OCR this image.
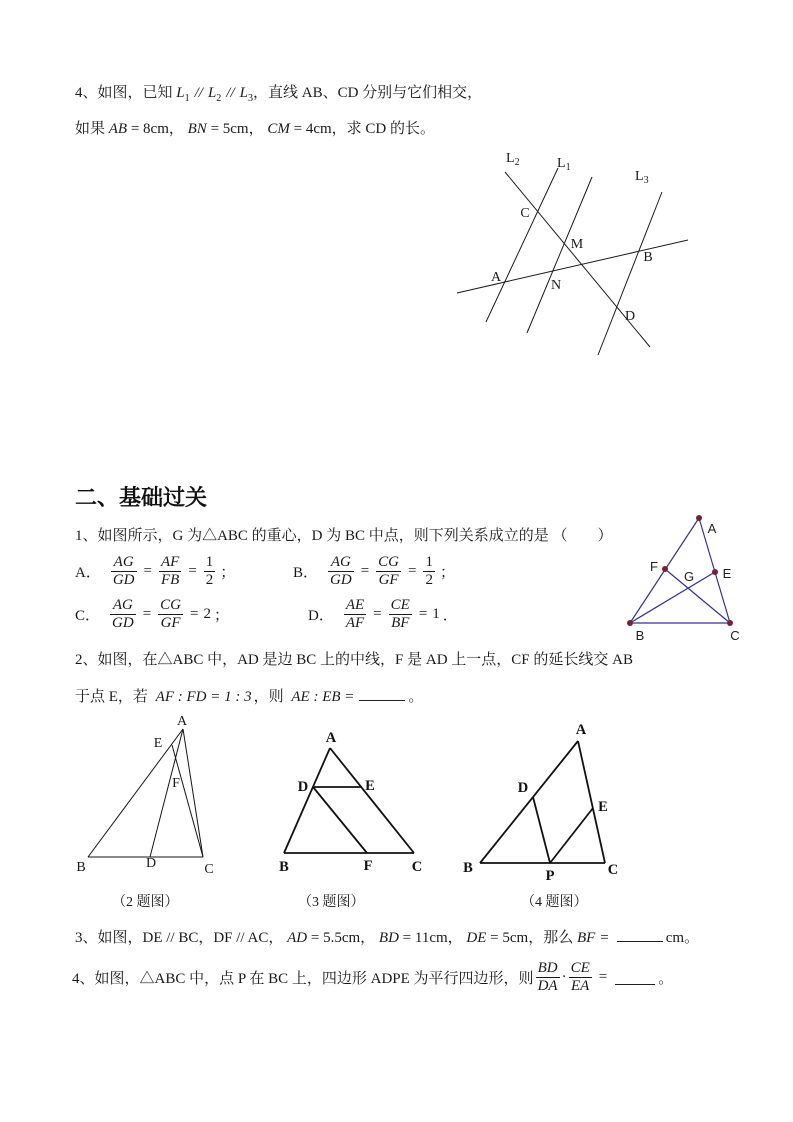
4、如图，已知 $L_1 // L_2 // L_3$，直线 AB、CD 分别与它们相交，
如果 AB = 8cm， BN = 5cm， CM = 4cm，求 CD 的长。
$L_2$	$L_1$
$L_3$
C
M
A
N
B
D
二、基础过关
1、如图所示，G 为△ABC 的重心，D 为 BC 中点，则下列关系成立的是 （　　）
A． $\frac{AG}{GD} = \frac{AF}{FB} = \frac{1}{2}$ ；	B． $\frac{AG}{GD} = \frac{CG}{GF} = \frac{1}{2}$ ；
C． $\frac{AG}{GD} = \frac{CG}{GF} = 2$ ；	D． $\frac{AE}{AF} = \frac{CE}{BF} = 1$ ．
A
F
G E
B	C
2、如图，在△ABC 中，AD 是边 BC 上的中线，F 是 AD 上一点，CF 的延长线交 AB
于点 E，若 AF : FD = 1 : 3 ，则 AE : EB =	。
A
E
F
B	D	C
A
D	E
B	F	C
A
D
E
B	P	C
（2 题图）	（3 题图）	（4 题图）
3、如图，DE // BC，DF // AC， AD = 5.5cm， BD = 11cm， DE = 5cm，那么 BF =	cm。
4、如图，△ABC 中，点 P 在 BC 上，四边形 ADPE 为平行四边形，则 $\frac{BD}{DA} \cdot \frac{CE}{EA}$ =	。
